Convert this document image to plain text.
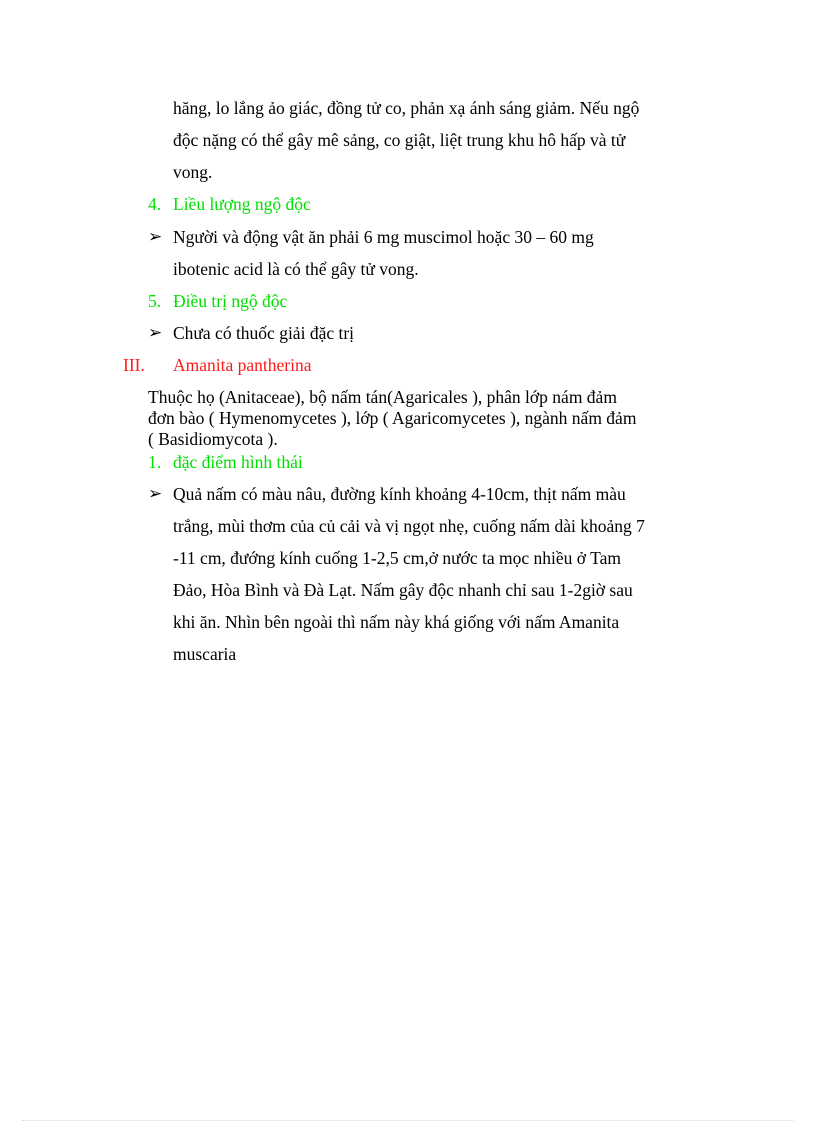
hăng, lo lắng ảo giác, đồng tử co, phản xạ ánh sáng giảm. Nếu ngộ
độc nặng có thể gây mê sảng, co giật, liệt trung khu hô hấp và tử
vong.
4. Liều lượng ngộ độc
➢ Người và động vật ăn phải 6 mg muscimol hoặc 30 – 60 mg
ibotenic acid là có thể gây tử vong.
5. Điều trị ngộ độc
➢ Chưa có thuốc giải đặc trị
III. Amanita pantherina
Thuộc họ (Anitaceae), bộ nấm tán(Agaricales ), phân lớp nám đảm
đơn bào ( Hymenomycetes ), lớp ( Agaricomycetes ), ngành nấm đảm
( Basidiomycota ).
1. đặc điểm hình thái
➢ Quả nấm có màu nâu, đường kính khoảng 4-10cm, thịt nấm màu
trắng, mùi thơm của củ cải và vị ngọt nhẹ, cuống nấm dài khoảng 7
-11 cm, đướng kính cuống 1-2,5 cm,ở nước ta mọc nhiều ở Tam
Đảo, Hòa Bình và Đà Lạt. Nấm gây độc nhanh chỉ sau 1-2giờ sau
khi ăn. Nhìn bên ngoài thì nấm này khá giống với nấm Amanita
muscaria
